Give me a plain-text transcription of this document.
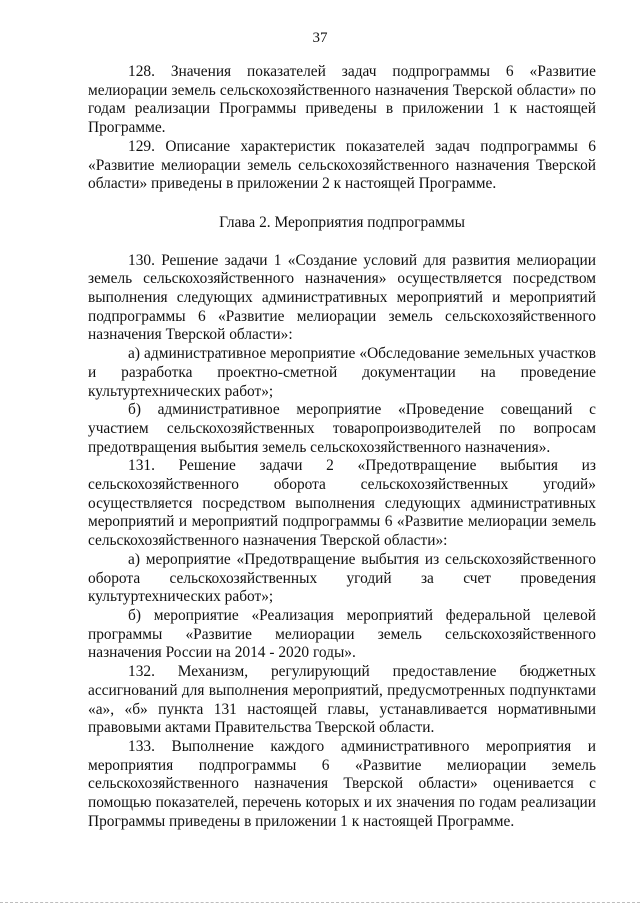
37

128. Значения показателей задач подпрограммы 6 «Развитие мелиорации земель сельскохозяйственного назначения Тверской области» по годам реализации Программы приведены в приложении 1 к настоящей Программе.

129. Описание характеристик показателей задач подпрограммы 6 «Развитие мелиорации земель сельскохозяйственного назначения Тверской области» приведены в приложении 2 к настоящей Программе.

Глава 2. Мероприятия подпрограммы

130. Решение задачи 1 «Создание условий для развития мелиорации земель сельскохозяйственного назначения» осуществляется посредством выполнения следующих административных мероприятий и мероприятий подпрограммы 6 «Развитие мелиорации земель сельскохозяйственного назначения Тверской области»:

а) административное мероприятие «Обследование земельных участков и разработка проектно-сметной документации на проведение культуртехнических работ»;

б) административное мероприятие «Проведение совещаний с участием сельскохозяйственных товаропроизводителей по вопросам предотвращения выбытия земель сельскохозяйственного назначения».

131. Решение задачи 2 «Предотвращение выбытия из сельскохозяйственного оборота сельскохозяйственных угодий» осуществляется посредством выполнения следующих административных мероприятий и мероприятий подпрограммы 6 «Развитие мелиорации земель сельскохозяйственного назначения Тверской области»:

а) мероприятие «Предотвращение выбытия из сельскохозяйственного оборота сельскохозяйственных угодий за счет проведения культуртехнических работ»;

б) мероприятие «Реализация мероприятий федеральной целевой программы «Развитие мелиорации земель сельскохозяйственного назначения России на 2014 - 2020 годы».

132. Механизм, регулирующий предоставление бюджетных ассигнований для выполнения мероприятий, предусмотренных подпунктами «а», «б» пункта 131 настоящей главы, устанавливается нормативными правовыми актами Правительства Тверской области.

133. Выполнение каждого административного мероприятия и мероприятия подпрограммы 6 «Развитие мелиорации земель сельскохозяйственного назначения Тверской области» оценивается с помощью показателей, перечень которых и их значения по годам реализации Программы приведены в приложении 1 к настоящей Программе.
